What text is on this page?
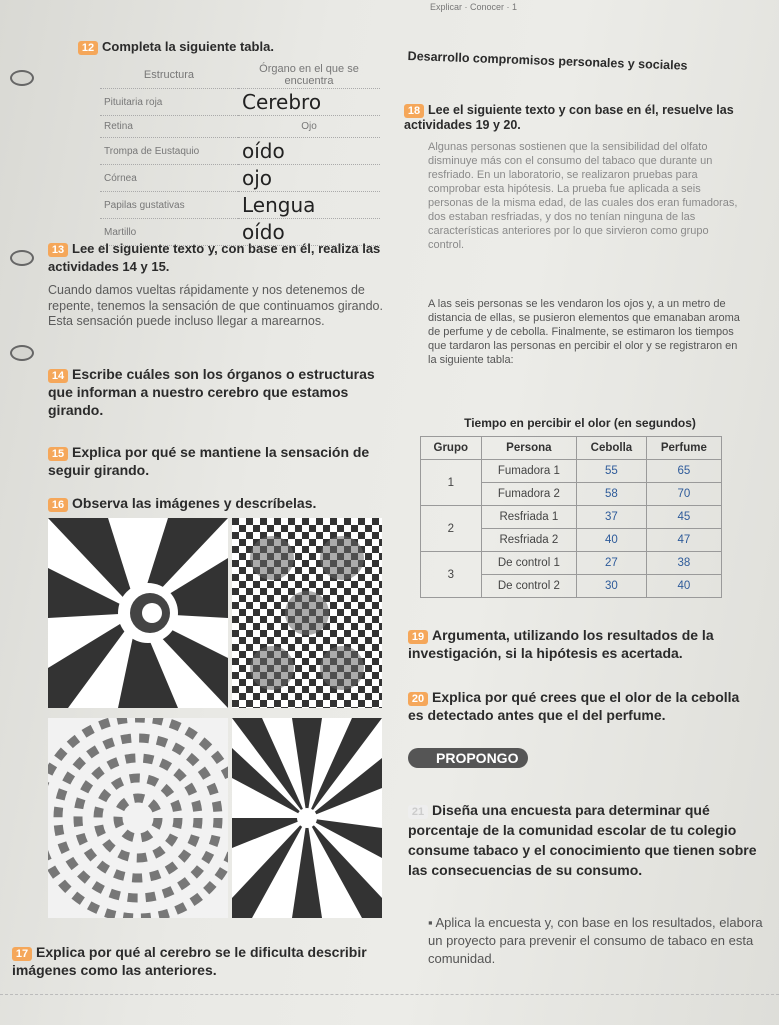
Explicar · Conocer · 1
12 Completa la siguiente tabla.
Estructura	Órgano en el que se encuentra
Pituitaria roja	Cerebro
Retina	Ojo
Trompa de Eustaquio	oído
Córnea	ojo
Papilas gustativas	Lengua
Martillo	oído
13 Lee el siguiente texto y, con base en él, realiza las actividades 14 y 15.
Cuando damos vueltas rápidamente y nos detenemos de repente, tenemos la sensación de que continuamos girando. Esta sensación puede incluso llegar a marearnos.
14 Escribe cuáles son los órganos o estructuras que informan a nuestro cerebro que estamos girando.
15 Explica por qué se mantiene la sensación de seguir girando.
16 Observa las imágenes y descríbelas.
17 Explica por qué al cerebro se le dificulta describir imágenes como las anteriores.
Desarrollo compromisos personales y sociales
18 Lee el siguiente texto y con base en él, resuelve las actividades 19 y 20.
Algunas personas sostienen que la sensibilidad del olfato disminuye más con el consumo del tabaco que durante un resfriado. En un laboratorio, se realizaron pruebas para comprobar esta hipótesis. La prueba fue aplicada a seis personas de la misma edad, de las cuales dos eran fumadoras, dos estaban resfriadas, y dos no tenían ninguna de las características anteriores por lo que sirvieron como grupo control.
A las seis personas se les vendaron los ojos y, a un metro de distancia de ellas, se pusieron elementos que emanaban aroma de perfume y de cebolla. Finalmente, se estimaron los tiempos que tardaron las personas en percibir el olor y se registraron en la siguiente tabla:
Tiempo en percibir el olor (en segundos)
Grupo	Persona	Cebolla	Perfume
1	Fumadora 1	55	65
	Fumadora 2	58	70
2	Resfriada 1	37	45
	Resfriada 2	40	47
3	De control 1	27	38
	De control 2	30	40
19 Argumenta, utilizando los resultados de la investigación, si la hipótesis es acertada.
20 Explica por qué crees que el olor de la cebolla es detectado antes que el del perfume.
PROPONGO
21 Diseña una encuesta para determinar qué porcentaje de la comunidad escolar de tu colegio consume tabaco y el conocimiento que tienen sobre las consecuencias de su consumo.
▪ Aplica la encuesta y, con base en los resultados, elabora un proyecto para prevenir el consumo de tabaco en esta comunidad.
